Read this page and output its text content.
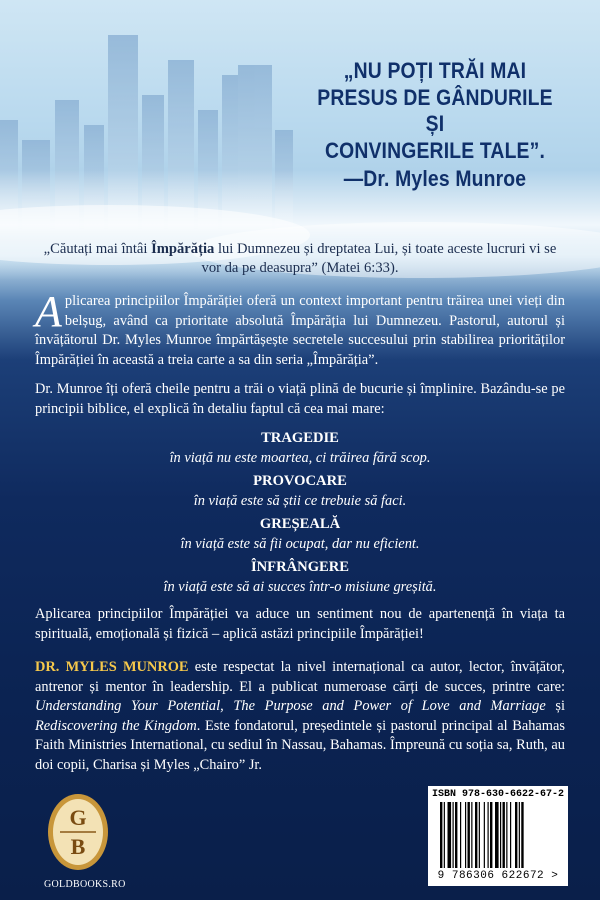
„NU POȚI TRĂI MAI
PRESUS DE GÂNDURILE ȘI
CONVINGERILE TALE”.
—Dr. Myles Munroe
„Căutați mai întâi Împărăția lui Dumnezeu și dreptatea Lui, și toate aceste lucruri vi se vor da pe deasupra” (Matei 6:33).

Aplicarea principiilor Împărăției oferă un context important pentru trăirea unei vieți din belșug, având ca prioritate absolută Împărăția lui Dumnezeu. Pastorul, autorul și învățătorul Dr. Myles Munroe împărtășește secretele succesului prin stabilirea priorităților Împărăției în această a treia carte a sa din seria „Împărăția”.

Dr. Munroe îți oferă cheile pentru a trăi o viață plină de bucurie și împlinire. Bazându-se pe principii biblice, el explică în detaliu faptul că cea mai mare:

TRAGEDIE
în viață nu este moartea, ci trăirea fără scop.
PROVOCARE
în viață este să știi ce trebuie să faci.
GREȘEALĂ
în viață este să fii ocupat, dar nu eficient.
ÎNFRÂNGERE
în viață este să ai succes într-o misiune greșită.

Aplicarea principiilor Împărăției va aduce un sentiment nou de apartenență în viața ta spirituală, emoțională și fizică – aplică astăzi principiile Împărăției!

DR. MYLES MUNROE este respectat la nivel internațional ca autor, lector, învățător, antrenor și mentor în leadership. El a publicat numeroase cărți de succes, printre care: Understanding Your Potential, The Purpose and Power of Love and Marriage și Rediscovering the Kingdom. Este fondatorul, președintele și pastorul principal al Bahamas Faith Ministries International, cu sediul în Nassau, Bahamas. Împreună cu soția sa, Ruth, au doi copii, Charisa și Myles „Chairo” Jr.

G
B
GOLDBOOKS.RO
ISBN 978-630-6622-67-2
9 786306 622672 >
